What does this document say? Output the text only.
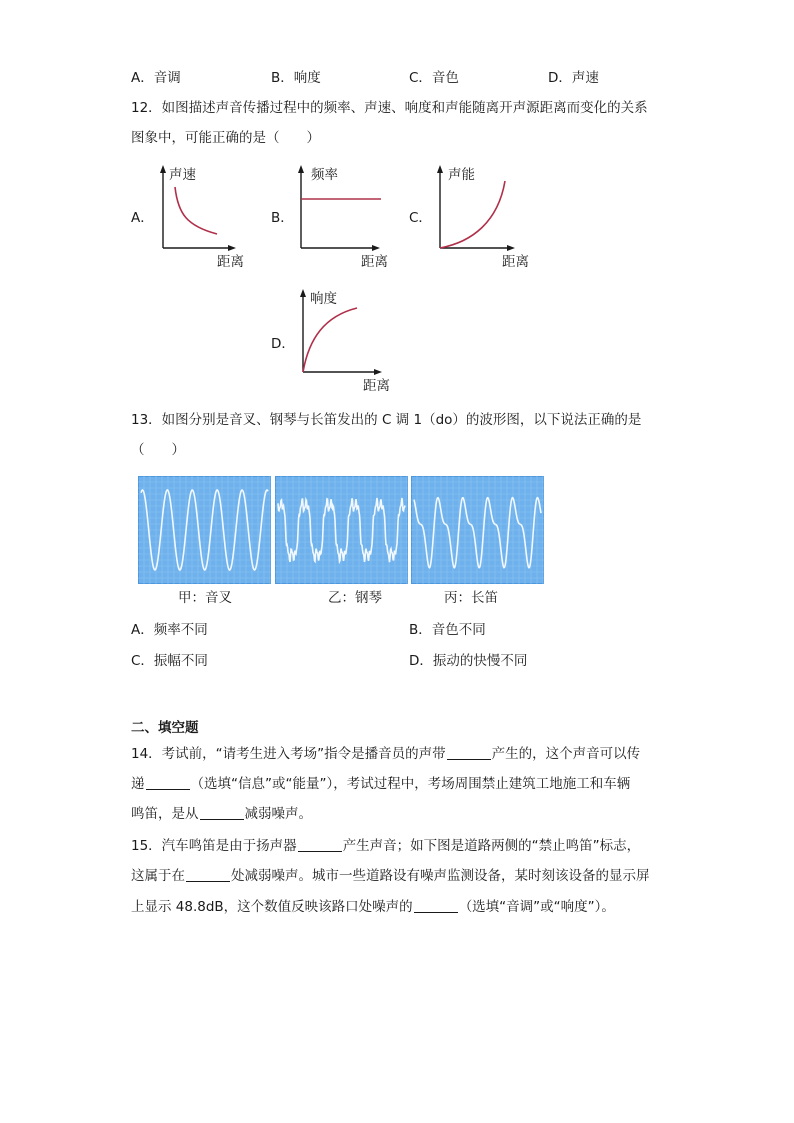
A．音调	B．响度	C．音色	D．声速
12．如图描述声音传播过程中的频率、声速、响度和声能随离开声源距离而变化的关系
图象中，可能正确的是（　　）
A．
声速
距离
B．
频率
距离
C．
声能
距离
D．
响度
距离
13．如图分别是音叉、钢琴与长笛发出的 C 调 1（do）的波形图，以下说法正确的是
（　　）
甲：音叉	乙：钢琴	丙：长笛
A．频率不同	B．音色不同
C．振幅不同	D．振动的快慢不同
二、填空题
14．考试前，“请考生进入考场”指令是播音员的声带	产生的，这个声音可以传
递	（选填“信息”或“能量”），考试过程中，考场周围禁止建筑工地施工和车辆
鸣笛，是从	减弱噪声。
15．汽车鸣笛是由于扬声器	产生声音；如下图是道路两侧的“禁止鸣笛”标志，
这属于在	处减弱噪声。城市一些道路设有噪声监测设备，某时刻该设备的显示屏
上显示 48.8dB，这个数值反映该路口处噪声的	（选填“音调”或“响度”）。
